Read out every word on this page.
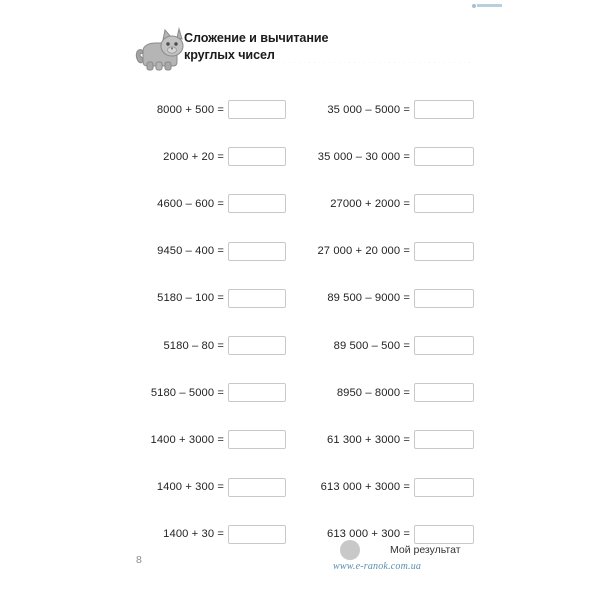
Сложение и вычитание
круглых чисел
8000 + 500 =	35 000 – 5000 =
2000 + 20 =	35 000 – 30 000 =
4600 – 600 =	27000 + 2000 =
9450 – 400 =	27 000 + 20 000 =
5180 – 100 =	89 500 – 9000 =
5180 – 80 =	89 500 – 500 =
5180 – 5000 =	8950 – 8000 =
1400 + 3000 =	61 300 + 3000 =
1400 + 300 =	613 000 + 3000 =
1400 + 30 =	613 000 + 300 =
8
Мой результат
www.e-ranok.com.ua
